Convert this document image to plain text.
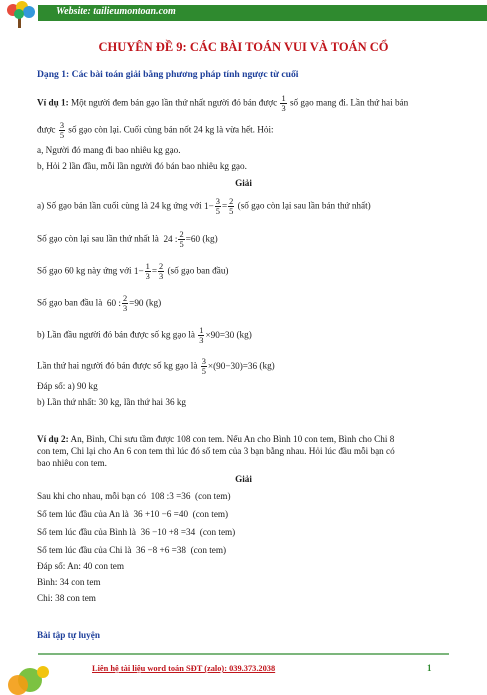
Website: tailieumontoan.com
CHUYÊN ĐỀ 9: CÁC BÀI TOÁN VUI VÀ TOÁN CỔ
Dạng 1: Các bài toán giải bằng phương pháp tính ngược từ cuối
Ví dụ 1: Một người đem bán gạo lần thứ nhất người đó bán được $\frac{1}{3}$ số gạo mang đi. Lần thứ hai bán
được $\frac{3}{5}$ số gạo còn lại. Cuối cùng bán nốt 24 kg là vừa hết. Hỏi:
a, Người đó mang đi bao nhiêu kg gạo.
b, Hỏi 2 lần đầu, mỗi lần người đó bán bao nhiêu kg gạo.
Giải
a) Số gạo bán lần cuối cùng là 24 kg ứng với $1- \frac{3}{5} = \frac{2}{5}$ (số gạo còn lại sau lần bán thứ nhất)
Số gạo còn lại sau lần thứ nhất là  24 : $\frac{2}{5} =60$ (kg)
Số gạo 60 kg này ứng với $1- \frac{1}{3} = \frac{2}{3}$ (số gạo ban đầu)
Số gạo ban đầu là  60 : $\frac{2}{3} =90$ (kg)
b) Lần đầu người đó bán được số kg gạo là $\frac{1}{3} \times 90=30$ (kg)
Lần thứ hai người đó bán được số kg gạo là $\frac{3}{5} \times(90-30)=36$ (kg)
Đáp số: a) 90 kg
b) Lần thứ nhất: 30 kg, lần thứ hai 36 kg
Ví dụ 2: An, Bình, Chi sưu tầm được 108 con tem. Nếu An cho Bình 10 con tem, Bình cho Chi 8
con tem, Chi lại cho An 6 con tem thì lúc đó số tem của 3 bạn bằng nhau. Hỏi lúc đầu mỗi bạn có
bao nhiêu con tem.
Giải
Sau khi cho nhau, mỗi bạn có 108 :3 =36 (con tem)
Số tem lúc đầu của An là 36 +10 −6 =40 (con tem)
Số tem lúc đầu của Bình là 36 −10 +8 =34 (con tem)
Số tem lúc đầu của Chi là 36 −8 +6 =38 (con tem)
Đáp số: An: 40 con tem
Bình: 34 con tem
Chi: 38 con tem
Bài tập tự luyện
Liên hệ tài liệu word toán SĐT (zalo): 039.373.2038	1
